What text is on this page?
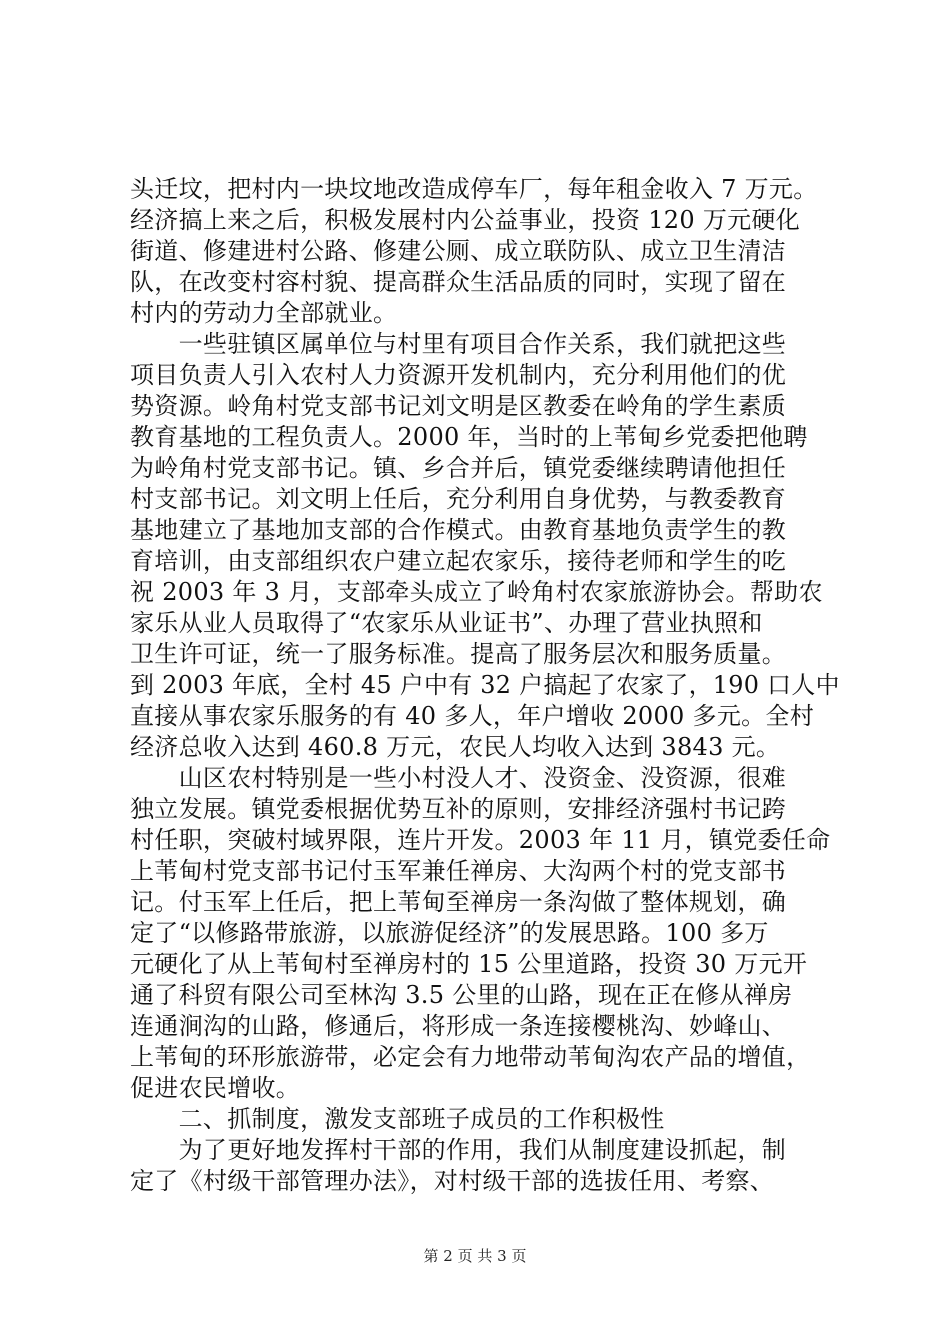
头迁坟，把村内一块坟地改造成停车厂，每年租金收入 7 万元。
经济搞上来之后，积极发展村内公益事业，投资 120 万元硬化
街道、修建进村公路、修建公厕、成立联防队、成立卫生清洁
队，在改变村容村貌、提高群众生活品质的同时，实现了留在
村内的劳动力全部就业。
　　一些驻镇区属单位与村里有项目合作关系，我们就把这些
项目负责人引入农村人力资源开发机制内，充分利用他们的优
势资源。岭角村党支部书记刘文明是区教委在岭角的学生素质
教育基地的工程负责人。2000 年，当时的上苇甸乡党委把他聘
为岭角村党支部书记。镇、乡合并后，镇党委继续聘请他担任
村支部书记。刘文明上任后，充分利用自身优势，与教委教育
基地建立了基地加支部的合作模式。由教育基地负责学生的教
育培训，由支部组织农户建立起农家乐，接待老师和学生的吃
祝 2003 年 3 月，支部牵头成立了岭角村农家旅游协会。帮助农
家乐从业人员取得了“农家乐从业证书”、办理了营业执照和
卫生许可证，统一了服务标准。提高了服务层次和服务质量。
到 2003 年底，全村 45 户中有 32 户搞起了农家了，190 口人中
直接从事农家乐服务的有 40 多人，年户增收 2000 多元。全村
经济总收入达到 460.8 万元，农民人均收入达到 3843 元。
　　山区农村特别是一些小村没人才、没资金、没资源，很难
独立发展。镇党委根据优势互补的原则，安排经济强村书记跨
村任职，突破村域界限，连片开发。2003 年 11 月，镇党委任命
上苇甸村党支部书记付玉军兼任禅房、大沟两个村的党支部书
记。付玉军上任后，把上苇甸至禅房一条沟做了整体规划，确
定了“以修路带旅游，以旅游促经济”的发展思路。100 多万
元硬化了从上苇甸村至禅房村的 15 公里道路，投资 30 万元开
通了科贸有限公司至林沟 3.5 公里的山路，现在正在修从禅房
连通涧沟的山路，修通后，将形成一条连接樱桃沟、妙峰山、
上苇甸的环形旅游带，必定会有力地带动苇甸沟农产品的增值，
促进农民增收。
　　二、抓制度，激发支部班子成员的工作积极性
　　为了更好地发挥村干部的作用，我们从制度建设抓起，制
定了《村级干部管理办法》，对村级干部的选拔任用、考察、
第 2 页 共 3 页
